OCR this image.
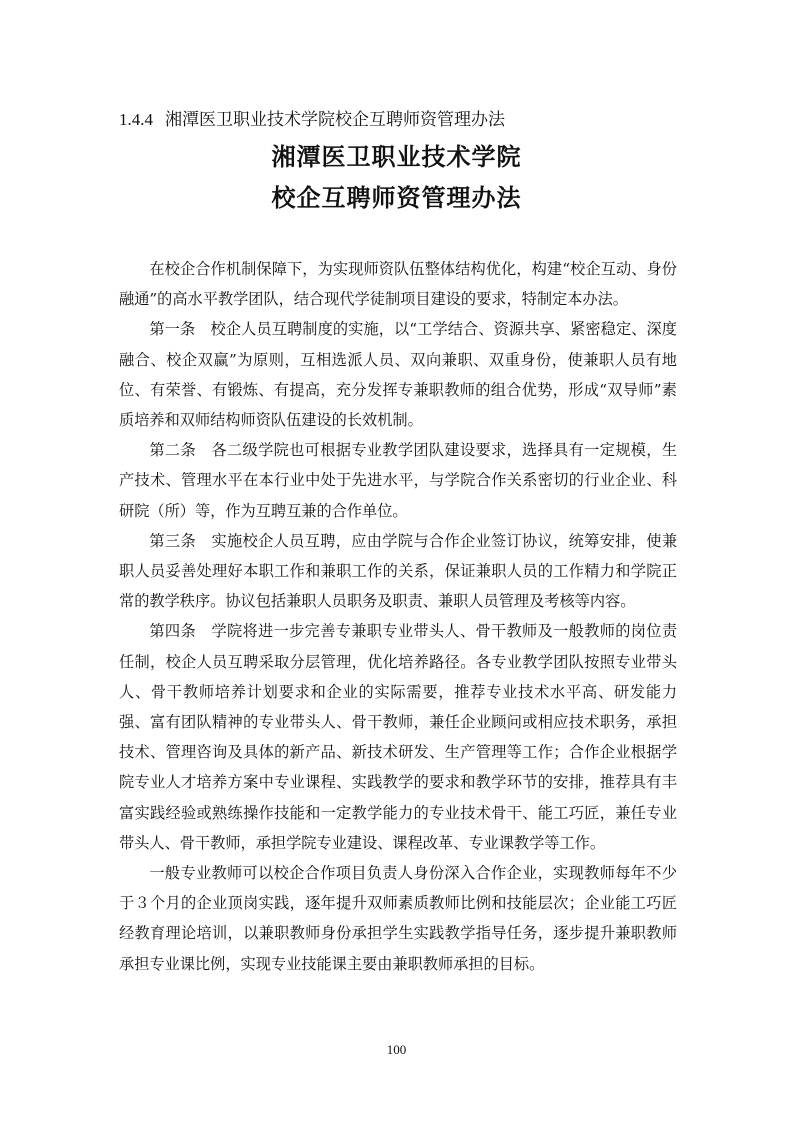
1.4.4 湘潭医卫职业技术学院校企互聘师资管理办法
湘潭医卫职业技术学院
校企互聘师资管理办法

在校企合作机制保障下，为实现师资队伍整体结构优化，构建“校企互动、身份融通”的高水平教学团队，结合现代学徒制项目建设的要求，特制定本办法。

第一条　校企人员互聘制度的实施，以“工学结合、资源共享、紧密稳定、深度融合、校企双赢”为原则，互相选派人员、双向兼职、双重身份，使兼职人员有地位、有荣誉、有锻炼、有提高，充分发挥专兼职教师的组合优势，形成“双导师”素质培养和双师结构师资队伍建设的长效机制。

第二条　各二级学院也可根据专业教学团队建设要求，选择具有一定规模，生产技术、管理水平在本行业中处于先进水平，与学院合作关系密切的行业企业、科研院（所）等，作为互聘互兼的合作单位。

第三条　实施校企人员互聘，应由学院与合作企业签订协议，统筹安排，使兼职人员妥善处理好本职工作和兼职工作的关系，保证兼职人员的工作精力和学院正常的教学秩序。协议包括兼职人员职务及职责、兼职人员管理及考核等内容。

第四条　学院将进一步完善专兼职专业带头人、骨干教师及一般教师的岗位责任制，校企人员互聘采取分层管理，优化培养路径。各专业教学团队按照专业带头人、骨干教师培养计划要求和企业的实际需要，推荐专业技术水平高、研发能力强、富有团队精神的专业带头人、骨干教师，兼任企业顾问或相应技术职务，承担技术、管理咨询及具体的新产品、新技术研发、生产管理等工作；合作企业根据学院专业人才培养方案中专业课程、实践教学的要求和教学环节的安排，推荐具有丰富实践经验或熟练操作技能和一定教学能力的专业技术骨干、能工巧匠，兼任专业带头人、骨干教师，承担学院专业建设、课程改革、专业课教学等工作。

一般专业教师可以校企合作项目负责人身份深入合作企业，实现教师每年不少于３个月的企业顶岗实践，逐年提升双师素质教师比例和技能层次；企业能工巧匠经教育理论培训，以兼职教师身份承担学生实践教学指导任务，逐步提升兼职教师承担专业课比例，实现专业技能课主要由兼职教师承担的目标。

100
